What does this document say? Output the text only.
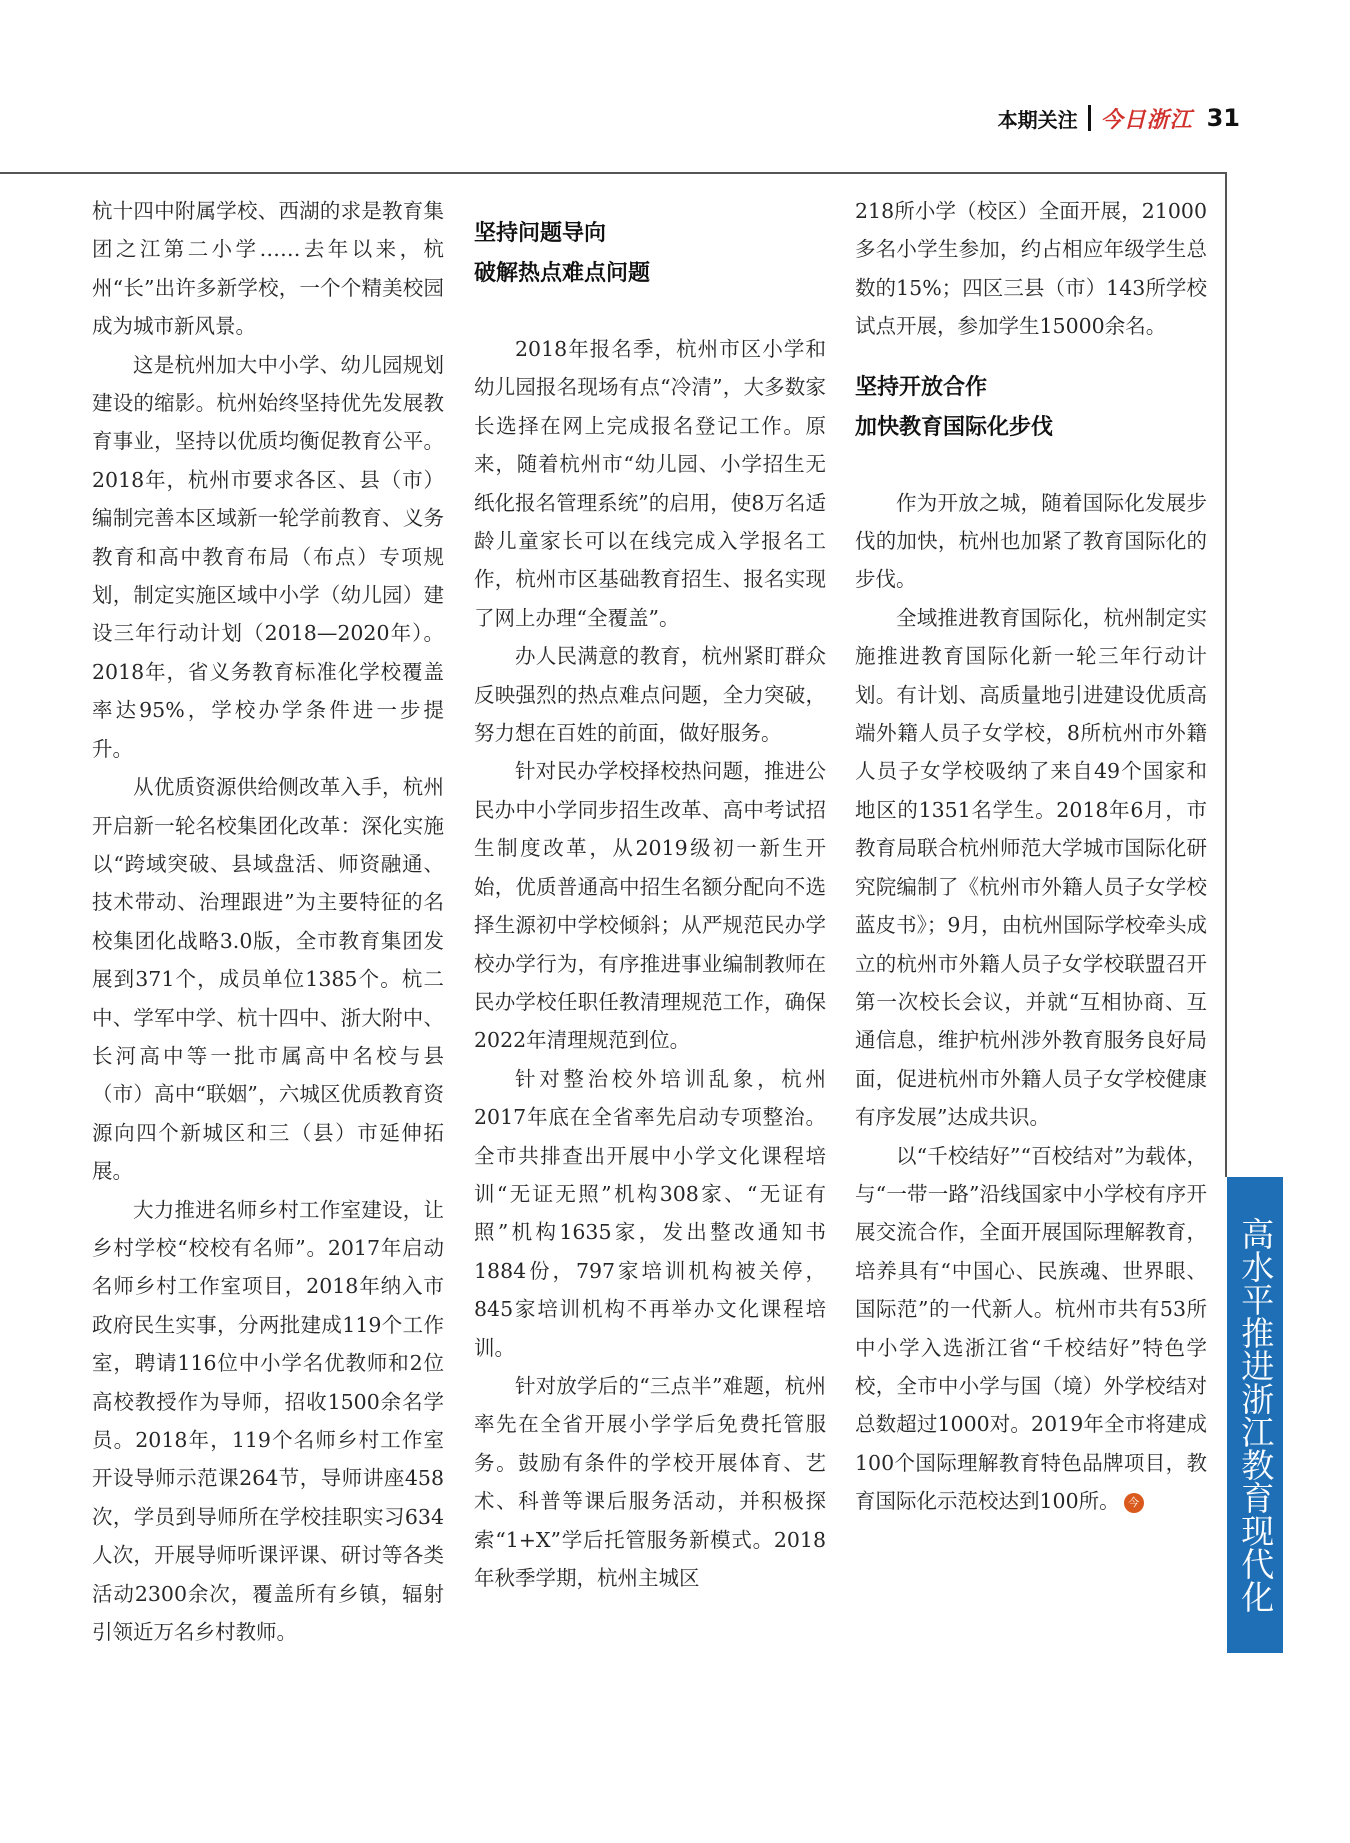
本期关注 今日浙江 31

杭十四中附属学校、西湖的求是教育集团之江第二小学……去年以来，杭州“长”出许多新学校，一个个精美校园成为城市新风景。

这是杭州加大中小学、幼儿园规划建设的缩影。杭州始终坚持优先发展教育事业，坚持以优质均衡促教育公平。2018年，杭州市要求各区、县（市）编制完善本区域新一轮学前教育、义务教育和高中教育布局（布点）专项规划，制定实施区域中小学（幼儿园）建设三年行动计划（2018—2020年）。2018年，省义务教育标准化学校覆盖率达95%，学校办学条件进一步提升。

从优质资源供给侧改革入手，杭州开启新一轮名校集团化改革：深化实施以“跨域突破、县域盘活、师资融通、技术带动、治理跟进”为主要特征的名校集团化战略3.0版，全市教育集团发展到371个，成员单位1385个。杭二中、学军中学、杭十四中、浙大附中、长河高中等一批市属高中名校与县（市）高中“联姻”，六城区优质教育资源向四个新城区和三（县）市延伸拓展。

大力推进名师乡村工作室建设，让乡村学校“校校有名师”。2017年启动名师乡村工作室项目，2018年纳入市政府民生实事，分两批建成119个工作室，聘请116位中小学名优教师和2位高校教授作为导师，招收1500余名学员。2018年，119个名师乡村工作室开设导师示范课264节，导师讲座458次，学员到导师所在学校挂职实习634人次，开展导师听课评课、研讨等各类活动2300余次，覆盖所有乡镇，辐射引领近万名乡村教师。

坚持问题导向
破解热点难点问题

2018年报名季，杭州市区小学和幼儿园报名现场有点“冷清”，大多数家长选择在网上完成报名登记工作。原来，随着杭州市“幼儿园、小学招生无纸化报名管理系统”的启用，使8万名适龄儿童家长可以在线完成入学报名工作，杭州市区基础教育招生、报名实现了网上办理“全覆盖”。

办人民满意的教育，杭州紧盯群众反映强烈的热点难点问题，全力突破，努力想在百姓的前面，做好服务。

针对民办学校择校热问题，推进公民办中小学同步招生改革、高中考试招生制度改革，从2019级初一新生开始，优质普通高中招生名额分配向不选择生源初中学校倾斜；从严规范民办学校办学行为，有序推进事业编制教师在民办学校任职任教清理规范工作，确保2022年清理规范到位。

针对整治校外培训乱象，杭州2017年底在全省率先启动专项整治。全市共排查出开展中小学文化课程培训“无证无照”机构308家、“无证有照”机构1635家，发出整改通知书1884份，797家培训机构被关停，845家培训机构不再举办文化课程培训。

针对放学后的“三点半”难题，杭州率先在全省开展小学学后免费托管服务。鼓励有条件的学校开展体育、艺术、科普等课后服务活动，并积极探索“1+X”学后托管服务新模式。2018年秋季学期，杭州主城区

218所小学（校区）全面开展，21000多名小学生参加，约占相应年级学生总数的15%；四区三县（市）143所学校试点开展，参加学生15000余名。

坚持开放合作
加快教育国际化步伐

作为开放之城，随着国际化发展步伐的加快，杭州也加紧了教育国际化的步伐。

全域推进教育国际化，杭州制定实施推进教育国际化新一轮三年行动计划。有计划、高质量地引进建设优质高端外籍人员子女学校，8所杭州市外籍人员子女学校吸纳了来自49个国家和地区的1351名学生。2018年6月，市教育局联合杭州师范大学城市国际化研究院编制了《杭州市外籍人员子女学校蓝皮书》；9月，由杭州国际学校牵头成立的杭州市外籍人员子女学校联盟召开第一次校长会议，并就“互相协商、互通信息，维护杭州涉外教育服务良好局面，促进杭州市外籍人员子女学校健康有序发展”达成共识。

以“千校结好”“百校结对”为载体，与“一带一路”沿线国家中小学校有序开展交流合作，全面开展国际理解教育，培养具有“中国心、民族魂、世界眼、国际范”的一代新人。杭州市共有53所中小学入选浙江省“千校结好”特色学校，全市中小学与国（境）外学校结对总数超过1000对。2019年全市将建成100个国际理解教育特色品牌项目，教育国际化示范校达到100所。 今	高水平推进浙江教育现代化
